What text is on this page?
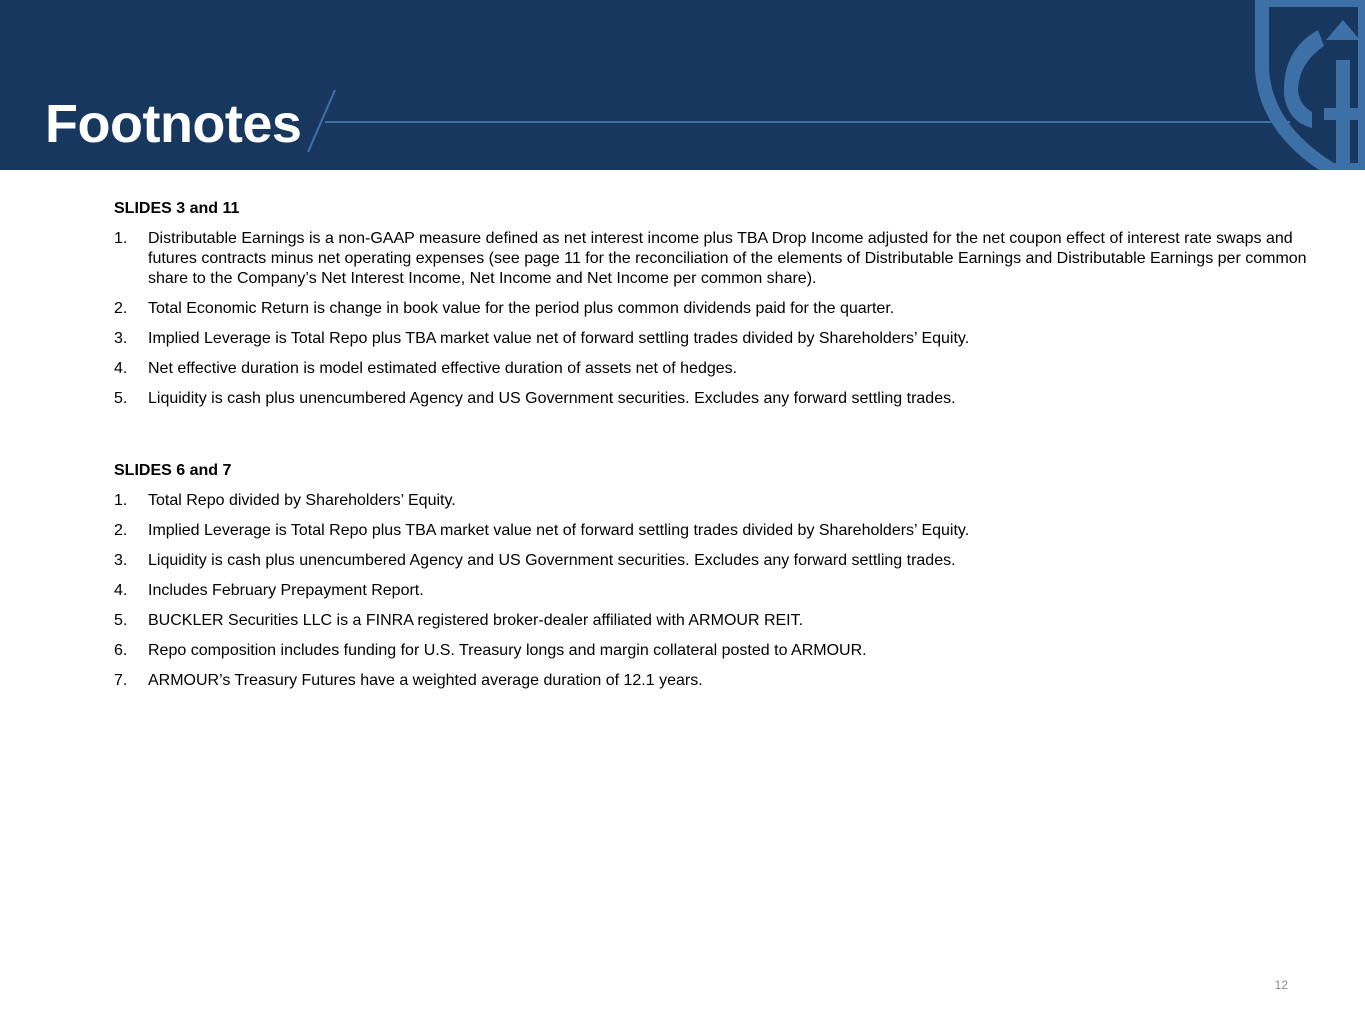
Footnotes
SLIDES 3 and 11
1.	Distributable Earnings is a non-GAAP measure defined as net interest income plus TBA Drop Income adjusted for the net coupon effect of interest rate swaps and futures contracts minus net operating expenses (see page 11 for the reconciliation of the elements of Distributable Earnings and Distributable Earnings per common share to the Company’s Net Interest Income, Net Income and Net Income per common share).
2.	Total Economic Return is change in book value for the period plus common dividends paid for the quarter.
3.	Implied Leverage is Total Repo plus TBA market value net of forward settling trades divided by Shareholders’ Equity.
4.	Net effective duration is model estimated effective duration of assets net of hedges.
5.	Liquidity is cash plus unencumbered Agency and US Government securities. Excludes any forward settling trades.
SLIDES 6 and 7
1.	Total Repo divided by Shareholders’ Equity.
2.	Implied Leverage is Total Repo plus TBA market value net of forward settling trades divided by Shareholders’ Equity.
3.	Liquidity is cash plus unencumbered Agency and US Government securities. Excludes any forward settling trades.
4.	Includes February Prepayment Report.
5.	BUCKLER Securities LLC is a FINRA registered broker-dealer affiliated with ARMOUR REIT.
6.	Repo composition includes funding for U.S. Treasury longs and margin collateral posted to ARMOUR.
7.	ARMOUR’s Treasury Futures have a weighted average duration of 12.1 years.
12
